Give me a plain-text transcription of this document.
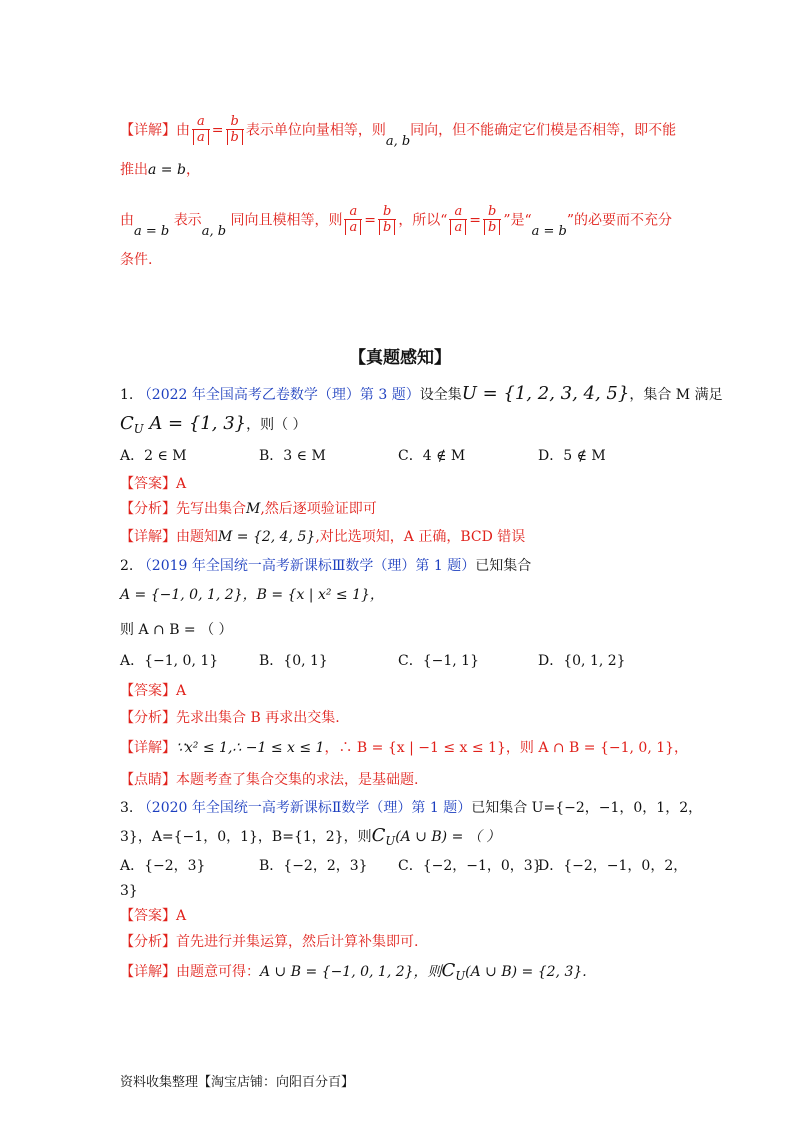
【详解】由 $\frac{a}{a} = \frac{b}{b}$ 表示单位向量相等，则a, b同向，但不能确定它们模是否相等，即不能
推出a = b，
由a = b 表示a, b 同向且模相等，则 $\frac{a}{a} = \frac{b}{b}$ ，所以“ $\frac{a}{a} = \frac{b}{b}$ ”是“a = b”的必要而不充分
条件.
【真题感知】
1. （2022 年全国高考乙卷数学（理）第 3 题）设全集U = {1, 2, 3, 4, 5}，集合 M 满足
$C_U$ A = {1, 3}，则（ ）
A．2 ∈ M	B．3 ∈ M	C．4 ∉ M	D．5 ∉ M
【答案】A
【分析】先写出集合M,然后逐项验证即可
【详解】由题知M = {2, 4, 5},对比选项知，A 正确，BCD 错误
2. （2019 年全国统一高考新课标Ⅲ数学（理）第 1 题）已知集合
A = {−1, 0, 1, 2}，B = {x | x² ≤ 1}，
则 A ∩ B = （ ）
A．{−1, 0, 1}	B．{0, 1}	C．{−1, 1}	D．{0, 1, 2}
【答案】A
【分析】先求出集合 B 再求出交集.
【详解】∵x² ≤ 1,∴ −1 ≤ x ≤ 1，∴ B = {x | −1 ≤ x ≤ 1}，则 A ∩ B = {−1, 0, 1}，
【点睛】本题考查了集合交集的求法，是基础题.
3. （2020 年全国统一高考新课标Ⅱ数学（理）第 1 题）已知集合 U={−2，−1，0，1，2，
3}，A={−1，0，1}，B={1，2}，则$C_U(A$ ∪ B) = （ ）
A．{−2，3}	B．{−2，2，3} C．{−2，−1，0，3}
D．{−2，−1，0，2，
3}
【答案】A
【分析】首先进行并集运算，然后计算补集即可.
【详解】由题意可得：A ∪ B = {−1, 0, 1, 2}，则$C_U(A$ ∪ B) = {2, 3}.
资料收集整理【淘宝店铺：向阳百分百】
